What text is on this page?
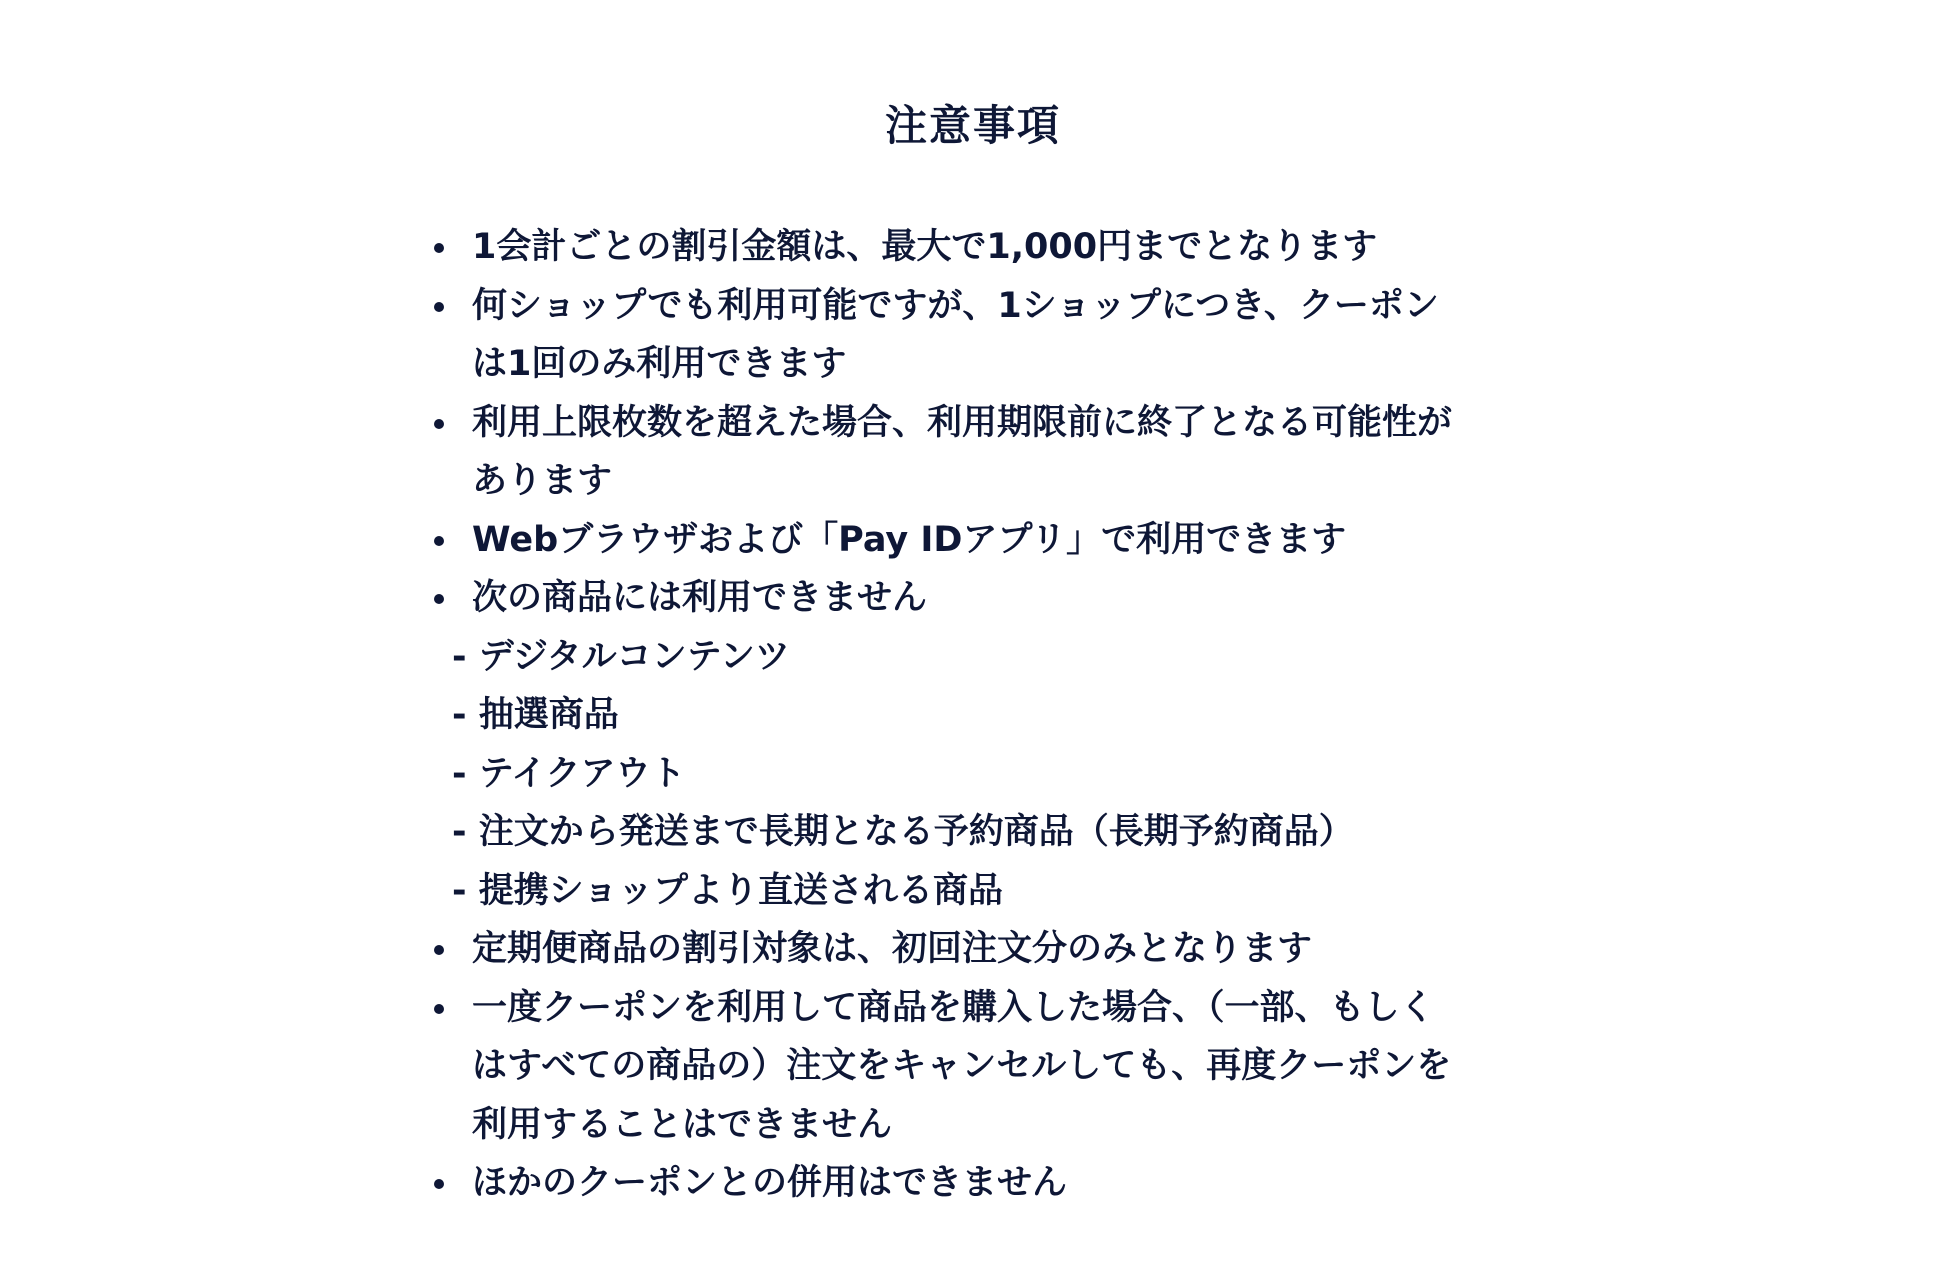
注意事項
1会計ごとの割引金額は、最大で1,000円までとなります
何ショップでも利用可能ですが、1ショップにつき、クーポン
は1回のみ利用できます
利用上限枚数を超えた場合、利用期限前に終了となる可能性が
あります
Webブラウザおよび「Pay IDアプリ」で利用できます
次の商品には利用できません
- デジタルコンテンツ
- 抽選商品
- テイクアウト
- 注文から発送まで長期となる予約商品（長期予約商品）
- 提携ショップより直送される商品
定期便商品の割引対象は、初回注文分のみとなります
一度クーポンを利用して商品を購入した場合、（一部、もしく
はすべての商品の）注文をキャンセルしても、再度クーポンを
利用することはできません
ほかのクーポンとの併用はできません
